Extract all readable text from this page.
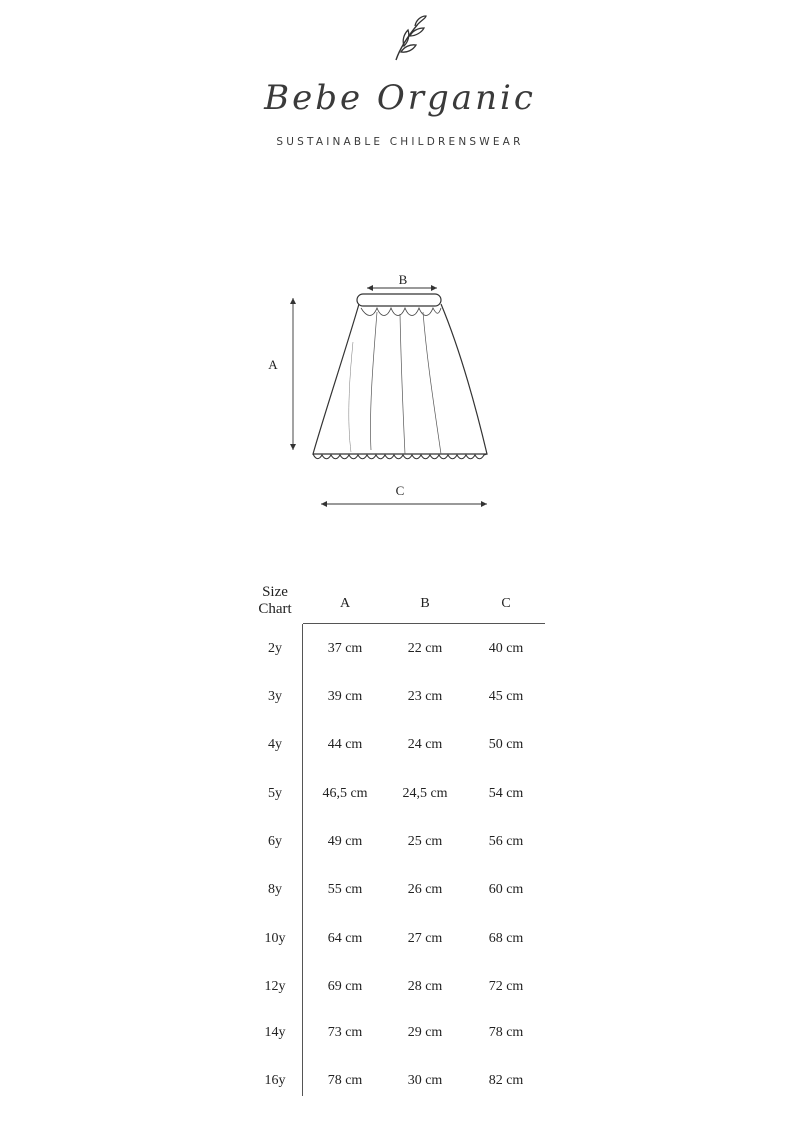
Bebe Organic
SUSTAINABLE CHILDRENSWEAR
B
A
C
Size
Chart	A	B	C
2y	37 cm	22 cm	40 cm
3y	39 cm	23 cm	45 cm
4y	44 cm	24 cm	50 cm
5y	46,5 cm	24,5 cm	54 cm
6y	49 cm	25 cm	56 cm
8y	55 cm	26 cm	60 cm
10y	64 cm	27 cm	68 cm
12y	69 cm	28 cm	72 cm
14y	73 cm	29 cm	78 cm
16y	78 cm	30 cm	82 cm
